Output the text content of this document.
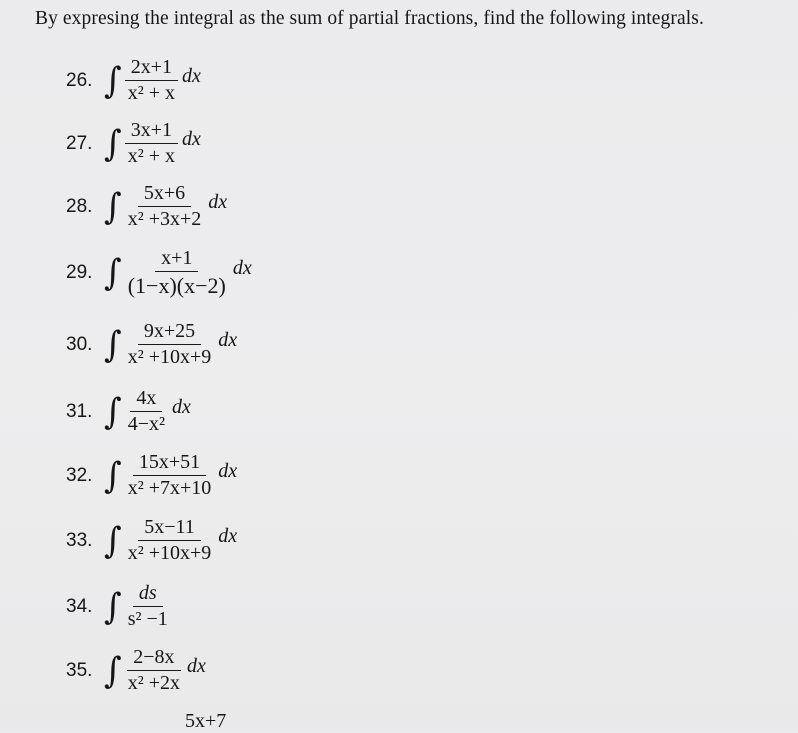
By expresing the integral as the sum of partial fractions, find the following integrals.
26. ∫ $\frac{2x+1}{\text{x² + x}}$ dx
27. ∫ $\frac{3x+1}{\text{x² + x}}$ dx
28. ∫ $\frac{5x+6}{\text{x² +3x+2}}$ dx
29. ∫ $\frac{x+1}{(1-x)(x-2)}$ dx
30. ∫ $\frac{9x+25}{\text{x² +10x+9}}$ dx
31. ∫ $\frac{4x}{\text{4−x²}}$ dx
32. ∫ $\frac{15x+51}{\text{x² +7x+10}}$ dx
33. ∫ $\frac{5x-11}{\text{x² +10x+9}}$ dx
34. ∫ $\frac{ds}{\text{s² −1}}$
35. ∫ $\frac{2-8x}{\text{x² +2x}}$ dx
5x+7
